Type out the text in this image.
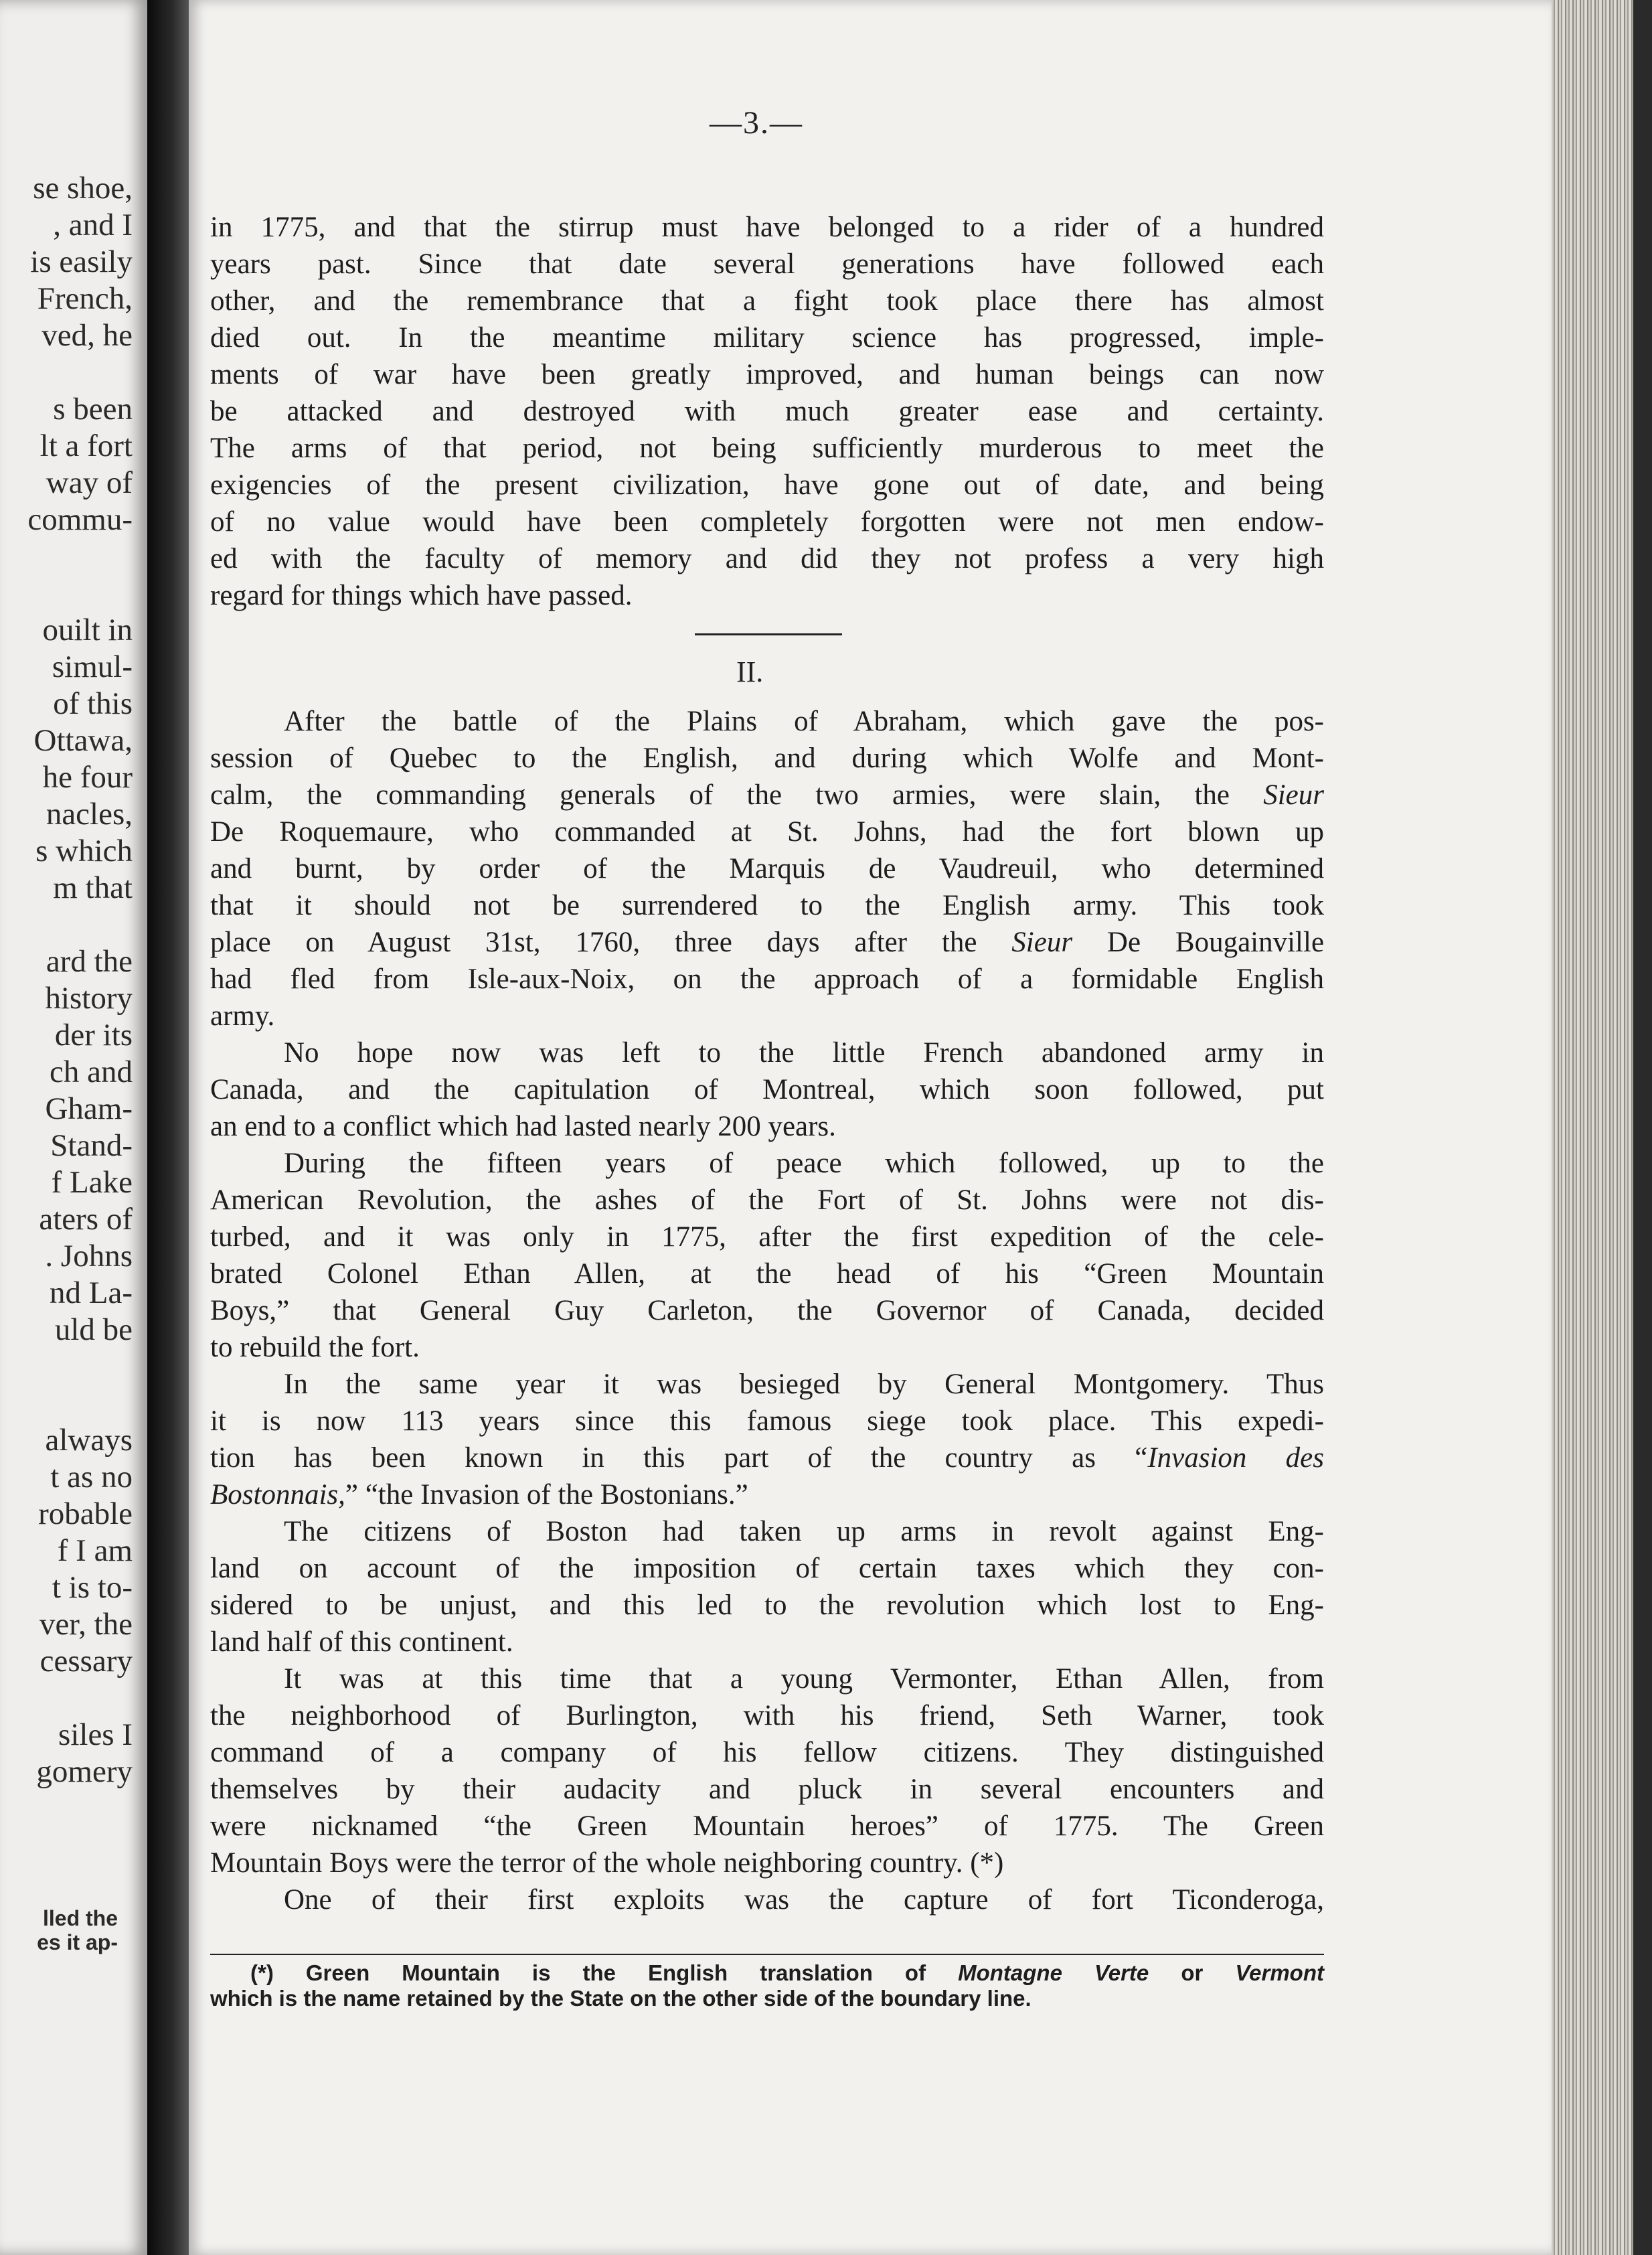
se shoe,
, and I
is easily
French,
ved, he
s been
lt a fort
way of
commu-
ouilt in
simul-
of this
Ottawa,
he four
nacles,
s which
m that
ard the
history
der its
ch and
Gham-
Stand-
f Lake
aters of
. Johns
nd La-
uld be
always
t as no
robable
f I am
t is to-
ver, the
cessary
siles I
gomery
lled the
es it ap-
—3.—
in 1775, and that the stirrup must have belonged to a rider of a hundred
years past. Since that date several generations have followed each
other, and the remembrance that a fight took place there has almost
died out. In the meantime military science has progressed, imple-
ments of war have been greatly improved, and human beings can now
be attacked and destroyed with much greater ease and certainty.
The arms of that period, not being sufficiently murderous to meet the
exigencies of the present civilization, have gone out of date, and being
of no value would have been completely forgotten were not men endow-
ed with the faculty of memory and did they not profess a very high
regard for things which have passed.
II.
After the battle of the Plains of Abraham, which gave the pos-
session of Quebec to the English, and during which Wolfe and Mont-
calm, the commanding generals of the two armies, were slain, the Sieur
De Roquemaure, who commanded at St. Johns, had the fort blown up
and burnt, by order of the Marquis de Vaudreuil, who determined
that it should not be surrendered to the English army. This took
place on August 31st, 1760, three days after the Sieur De Bougainville
had fled from Isle-aux-Noix, on the approach of a formidable English
army.
No hope now was left to the little French abandoned army in
Canada, and the capitulation of Montreal, which soon followed, put
an end to a conflict which had lasted nearly 200 years.
During the fifteen years of peace which followed, up to the
American Revolution, the ashes of the Fort of St. Johns were not dis-
turbed, and it was only in 1775, after the first expedition of the cele-
brated Colonel Ethan Allen, at the head of his “Green Mountain
Boys,” that General Guy Carleton, the Governor of Canada, decided
to rebuild the fort.
In the same year it was besieged by General Montgomery. Thus
it is now 113 years since this famous siege took place. This expedi-
tion has been known in this part of the country as “Invasion des
Bostonnais,” “the Invasion of the Bostonians.”
The citizens of Boston had taken up arms in revolt against Eng-
land on account of the imposition of certain taxes which they con-
sidered to be unjust, and this led to the revolution which lost to Eng-
land half of this continent.
It was at this time that a young Vermonter, Ethan Allen, from
the neighborhood of Burlington, with his friend, Seth Warner, took
command of a company of his fellow citizens. They distinguished
themselves by their audacity and pluck in several encounters and
were nicknamed “the Green Mountain heroes” of 1775. The Green
Mountain Boys were the terror of the whole neighboring country. (*)
One of their first exploits was the capture of fort Ticonderoga,
(*) Green Mountain is the English translation of Montagne Verte or Vermont
which is the name retained by the State on the other side of the boundary line.
